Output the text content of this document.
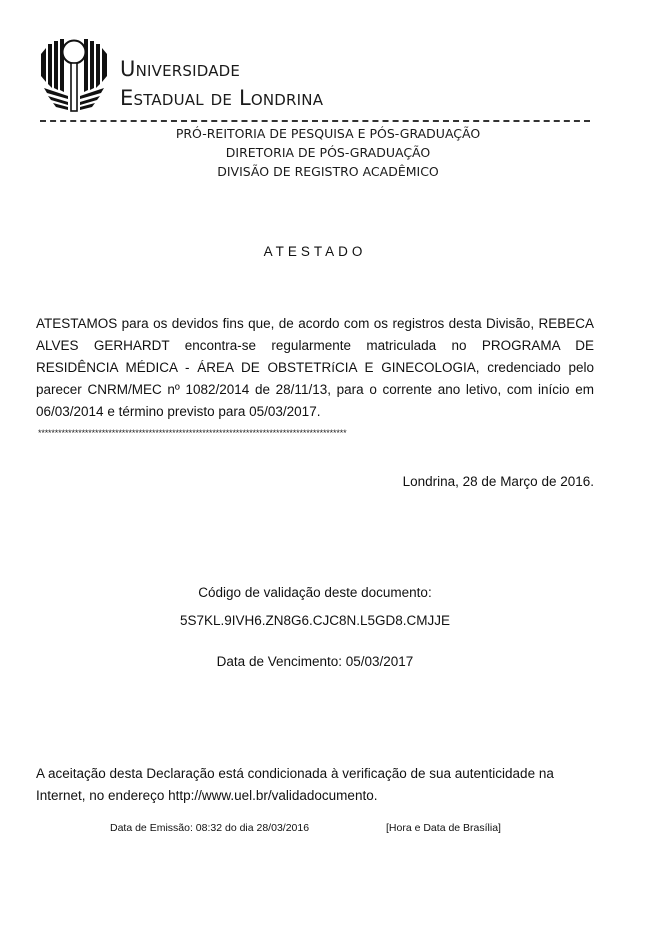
Universidade
Estadual de Londrina
PRÓ-REITORIA DE PESQUISA E PÓS-GRADUAÇÃO
DIRETORIA DE PÓS-GRADUAÇÃO
DIVISÃO DE REGISTRO ACADÊMICO
ATESTADO
ATESTAMOS para os devidos fins que, de acordo com os registros desta Divisão, REBECA ALVES GERHARDT encontra-se regularmente matriculada no PROGRAMA DE RESIDÊNCIA MÉDICA - ÁREA DE OBSTETRíCIA E GINECOLOGIA, credenciado pelo parecer CNRM/MEC nº 1082/2014 de 28/11/13, para o corrente ano letivo, com início em 06/03/2014 e término previsto para 05/03/2017.
********************************************************************************************
Londrina, 28 de Março de 2016.
Código de validação deste documento:
5S7KL.9IVH6.ZN8G6.CJC8N.L5GD8.CMJJE
Data de Vencimento: 05/03/2017
A aceitação desta Declaração está condicionada à verificação de sua autenticidade na Internet, no endereço http://www.uel.br/validadocumento.
Data de Emissão: 08:32 do dia 28/03/2016	[Hora e Data de Brasília]
